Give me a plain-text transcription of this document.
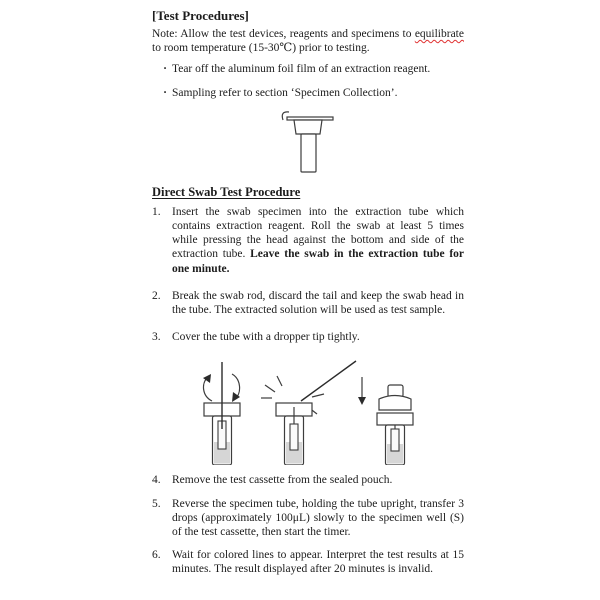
[Test Procedures]

Note: Allow the test devices, reagents and specimens to equilibrate to room temperature (15-30℃) prior to testing.

· Tear off the aluminum foil film of an extraction reagent.
· Sampling refer to section ‘Specimen Collection’.
Direct Swab Test Procedure
1. Insert the swab specimen into the extraction tube which contains extraction reagent. Roll the swab at least 5 times while pressing the head against the bottom and side of the extraction tube. Leave the swab in the extraction tube for one minute.
2. Break the swab rod, discard the tail and keep the swab head in the tube. The extracted solution will be used as test sample.
3. Cover the tube with a dropper tip tightly.
4. Remove the test cassette from the sealed pouch.
5. Reverse the specimen tube, holding the tube upright, transfer 3 drops (approximately 100μL) slowly to the specimen well (S) of the test cassette, then start the timer.
6. Wait for colored lines to appear. Interpret the test results at 15 minutes. The result displayed after 20 minutes is invalid.
